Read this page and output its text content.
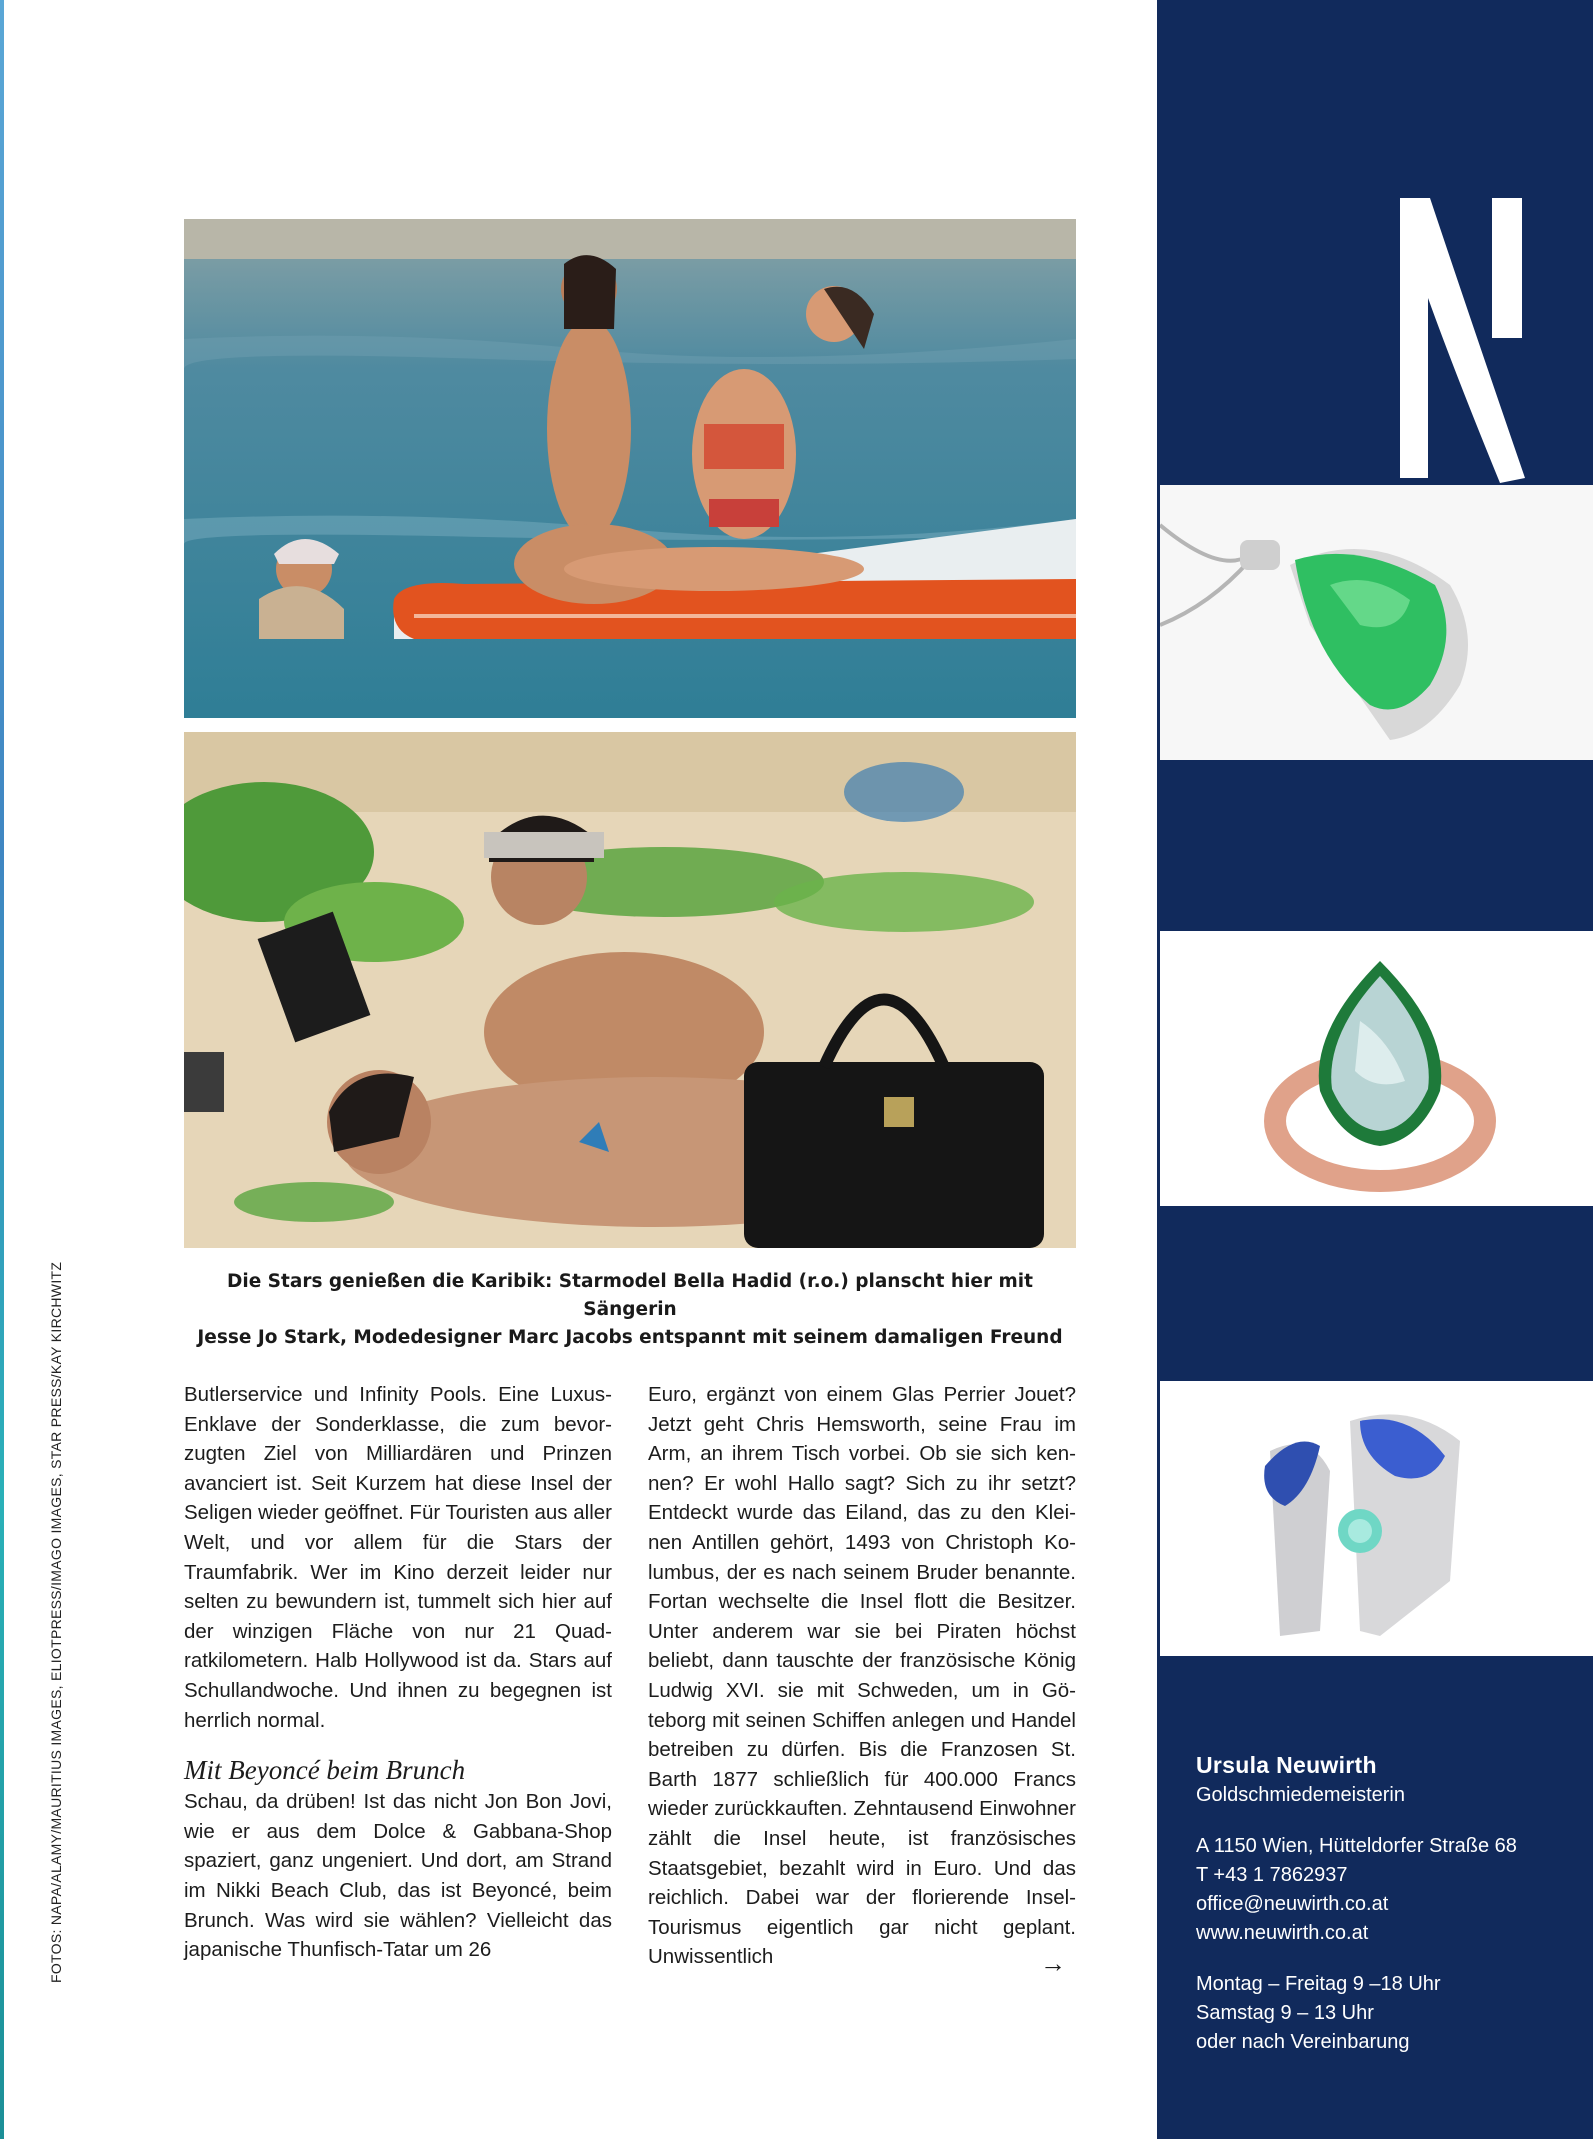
Die Stars genießen die Karibik: Starmodel Bella Hadid (r.o.) planscht hier mit Sängerin
Jesse Jo Stark, Modedesigner Marc Jacobs entspannt mit seinem damaligen Freund
FOTOS: NAPA/ALAMY/MAURITIUS IMAGES, ELIOTPRESS/IMAGO IMAGES, STAR PRESS/KAY KIRCHWITZ	Butlerservice und Infinity Pools. Eine Luxus-Enklave der Sonderklasse, die zum bevorzugten Ziel von Milliardären und Prinzen avanciert ist. Seit Kurzem hat diese Insel der Seligen wieder geöffnet. Für Touristen aus aller Welt, und vor allem für die Stars der Traumfabrik. Wer im Kino derzeit leider nur selten zu bewundern ist, tummelt sich hier auf der winzigen Fläche von nur 21 Quadratkilometern. Halb Hollywood ist da. Stars auf Schullandwoche. Und ihnen zu begegnen ist herrlich normal.

Mit Beyoncé beim Brunch

Schau, da drüben! Ist das nicht Jon Bon Jovi, wie er aus dem Dolce & Gabbana-Shop spaziert, ganz ungeniert. Und dort, am Strand im Nikki Beach Club, das ist Beyoncé, beim Brunch. Was wird sie wählen? Vielleicht das japanische Thunfisch-Tatar um 26

Euro, ergänzt von einem Glas Perrier Jouet? Jetzt geht Chris Hemsworth, seine Frau im Arm, an ihrem Tisch vorbei. Ob sie sich kennen? Er wohl Hallo sagt? Sich zu ihr setzt? Entdeckt wurde das Eiland, das zu den Kleinen Antillen gehört, 1493 von Christoph Kolumbus, der es nach seinem Bruder benannte. Fortan wechselte die Insel flott die Besitzer. Unter anderem war sie bei Piraten höchst beliebt, dann tauschte der französische König Ludwig XVI. sie mit Schweden, um in Göteborg mit seinen Schiffen anlegen und Handel betreiben zu dürfen. Bis die Franzosen St. Barth 1877 schließlich für 400.000 Francs wieder zurückkauften. Zehntausend Einwohner zählt die Insel heute, ist französisches Staatsgebiet, bezahlt wird in Euro. Und das reichlich. Dabei war der florierende Insel-Tourismus eigentlich gar nicht geplant. Unwissentlich	→
Ursula Neuwirth
Goldschmiedemeisterin
A 1150 Wien, Hütteldorfer Straße 68
T +43 1 7862937
office@neuwirth.co.at
www.neuwirth.co.at
Montag – Freitag 9 –18 Uhr
Samstag 9 – 13 Uhr
oder nach Vereinbarung
